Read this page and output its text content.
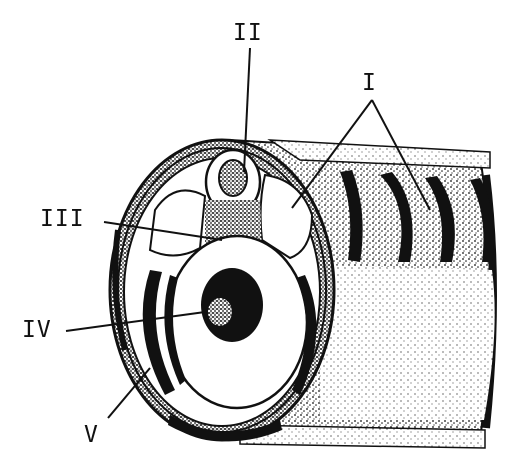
II
I
III
IV
V
